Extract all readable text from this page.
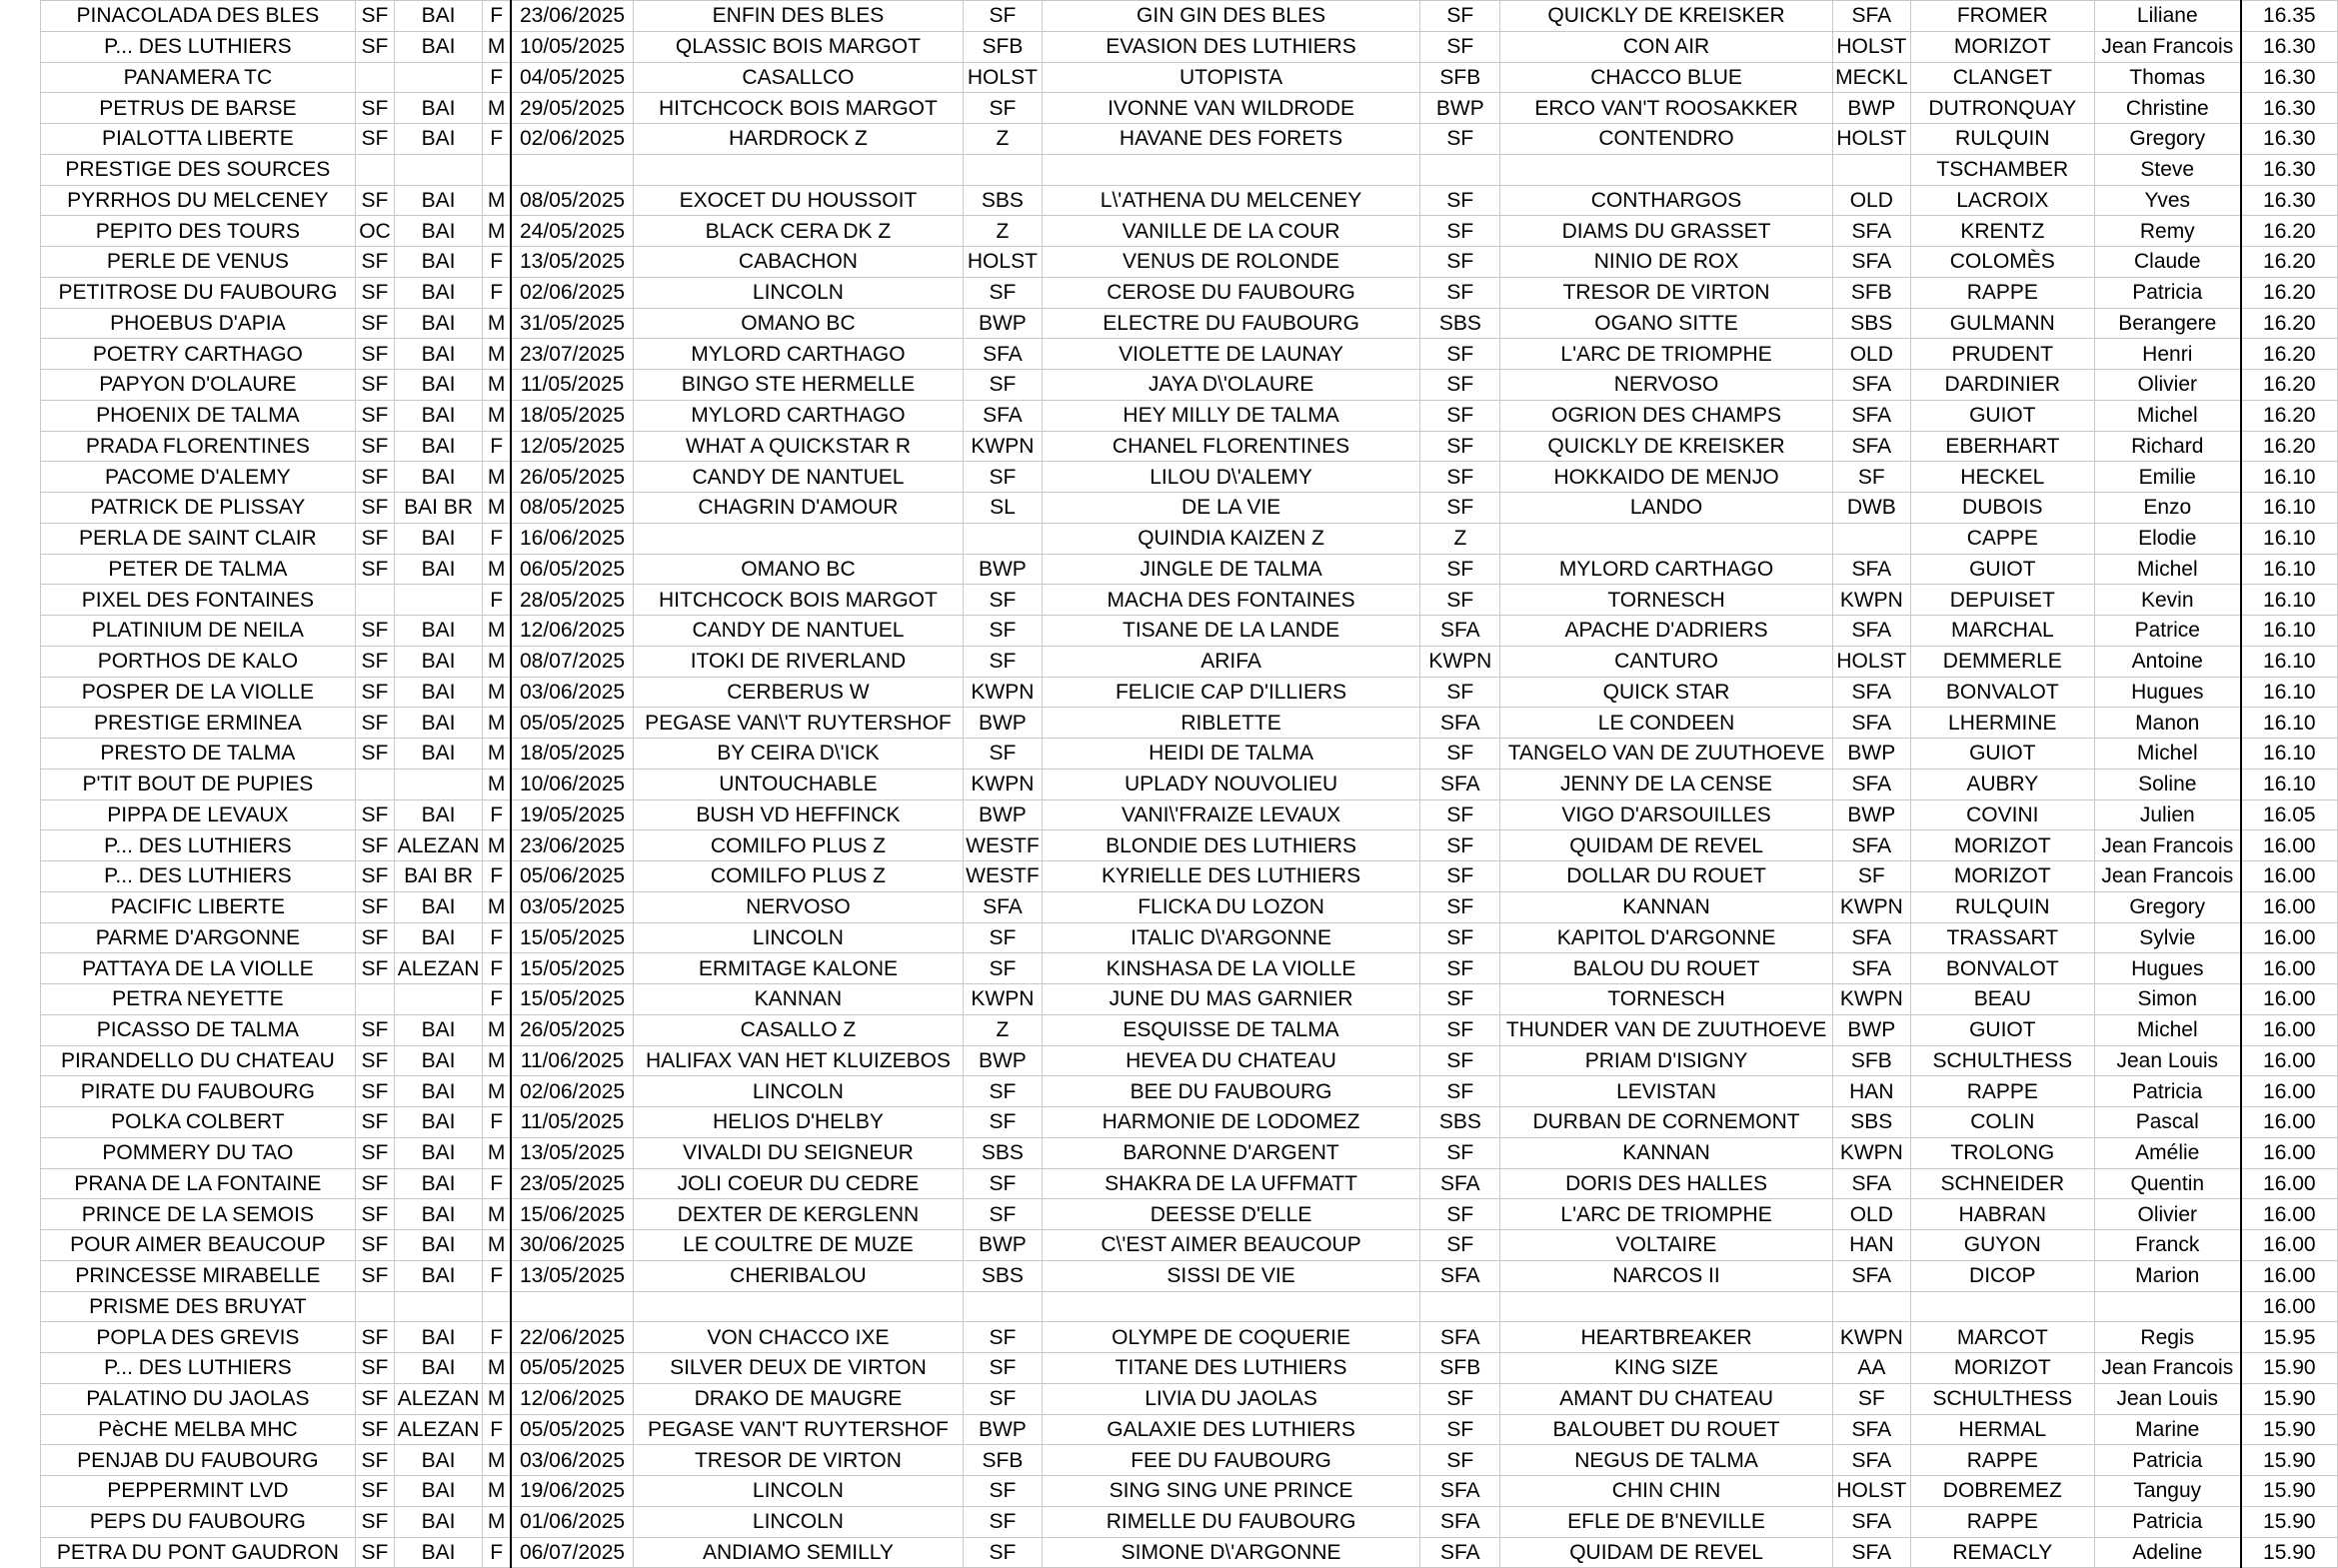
PINACOLADA DES BLES	SF	BAI	F	23/06/2025	ENFIN DES BLES	SF	GIN GIN DES BLES	SF	QUICKLY DE KREISKER	SFA	FROMER	Liliane	16.35
P... DES LUTHIERS	SF	BAI	M	10/05/2025	QLASSIC BOIS MARGOT	SFB	EVASION DES LUTHIERS	SF	CON AIR	HOLST	MORIZOT	Jean Francois	16.30
PANAMERA TC			F	04/05/2025	CASALLCO	HOLST	UTOPISTA	SFB	CHACCO BLUE	MECKL	CLANGET	Thomas	16.30
PETRUS DE BARSE	SF	BAI	M	29/05/2025	HITCHCOCK BOIS MARGOT	SF	IVONNE VAN WILDRODE	BWP	ERCO VAN'T ROOSAKKER	BWP	DUTRONQUAY	Christine	16.30
PIALOTTA LIBERTE	SF	BAI	F	02/06/2025	HARDROCK Z	Z	HAVANE DES FORETS	SF	CONTENDRO	HOLST	RULQUIN	Gregory	16.30
PRESTIGE DES SOURCES											TSCHAMBER	Steve	16.30
PYRRHOS DU MELCENEY	SF	BAI	M	08/05/2025	EXOCET DU HOUSSOIT	SBS	L\'ATHENA DU MELCENEY	SF	CONTHARGOS	OLD	LACROIX	Yves	16.30
PEPITO DES TOURS	OC	BAI	M	24/05/2025	BLACK CERA DK Z	Z	VANILLE DE LA COUR	SF	DIAMS DU GRASSET	SFA	KRENTZ	Remy	16.20
PERLE DE VENUS	SF	BAI	F	13/05/2025	CABACHON	HOLST	VENUS DE ROLONDE	SF	NINIO DE ROX	SFA	COLOMÈS	Claude	16.20
PETITROSE DU FAUBOURG	SF	BAI	F	02/06/2025	LINCOLN	SF	CEROSE DU FAUBOURG	SF	TRESOR DE VIRTON	SFB	RAPPE	Patricia	16.20
PHOEBUS D'APIA	SF	BAI	M	31/05/2025	OMANO BC	BWP	ELECTRE DU FAUBOURG	SBS	OGANO SITTE	SBS	GULMANN	Berangere	16.20
POETRY CARTHAGO	SF	BAI	M	23/07/2025	MYLORD CARTHAGO	SFA	VIOLETTE DE LAUNAY	SF	L'ARC DE TRIOMPHE	OLD	PRUDENT	Henri	16.20
PAPYON D'OLAURE	SF	BAI	M	11/05/2025	BINGO STE HERMELLE	SF	JAYA D\'OLAURE	SF	NERVOSO	SFA	DARDINIER	Olivier	16.20
PHOENIX DE TALMA	SF	BAI	M	18/05/2025	MYLORD CARTHAGO	SFA	HEY MILLY DE TALMA	SF	OGRION DES CHAMPS	SFA	GUIOT	Michel	16.20
PRADA FLORENTINES	SF	BAI	F	12/05/2025	WHAT A QUICKSTAR R	KWPN	CHANEL FLORENTINES	SF	QUICKLY DE KREISKER	SFA	EBERHART	Richard	16.20
PACOME D'ALEMY	SF	BAI	M	26/05/2025	CANDY DE NANTUEL	SF	LILOU D\'ALEMY	SF	HOKKAIDO DE MENJO	SF	HECKEL	Emilie	16.10
PATRICK DE PLISSAY	SF	BAI BR	M	08/05/2025	CHAGRIN D'AMOUR	SL	DE LA VIE	SF	LANDO	DWB	DUBOIS	Enzo	16.10
PERLA DE SAINT CLAIR	SF	BAI	F	16/06/2025			QUINDIA KAIZEN Z	Z			CAPPE	Elodie	16.10
PETER DE TALMA	SF	BAI	M	06/05/2025	OMANO BC	BWP	JINGLE DE TALMA	SF	MYLORD CARTHAGO	SFA	GUIOT	Michel	16.10
PIXEL DES FONTAINES			F	28/05/2025	HITCHCOCK BOIS MARGOT	SF	MACHA DES FONTAINES	SF	TORNESCH	KWPN	DEPUISET	Kevin	16.10
PLATINIUM DE NEILA	SF	BAI	M	12/06/2025	CANDY DE NANTUEL	SF	TISANE DE LA LANDE	SFA	APACHE D'ADRIERS	SFA	MARCHAL	Patrice	16.10
PORTHOS DE KALO	SF	BAI	M	08/07/2025	ITOKI DE RIVERLAND	SF	ARIFA	KWPN	CANTURO	HOLST	DEMMERLE	Antoine	16.10
POSPER DE LA VIOLLE	SF	BAI	M	03/06/2025	CERBERUS W	KWPN	FELICIE CAP D'ILLIERS	SF	QUICK STAR	SFA	BONVALOT	Hugues	16.10
PRESTIGE ERMINEA	SF	BAI	M	05/05/2025	PEGASE VAN\'T RUYTERSHOF	BWP	RIBLETTE	SFA	LE CONDEEN	SFA	LHERMINE	Manon	16.10
PRESTO DE TALMA	SF	BAI	M	18/05/2025	BY CEIRA D\'ICK	SF	HEIDI DE TALMA	SF	TANGELO VAN DE ZUUTHOEVE	BWP	GUIOT	Michel	16.10
P'TIT BOUT DE PUPIES			M	10/06/2025	UNTOUCHABLE	KWPN	UPLADY NOUVOLIEU	SFA	JENNY DE LA CENSE	SFA	AUBRY	Soline	16.10
PIPPA DE LEVAUX	SF	BAI	F	19/05/2025	BUSH VD HEFFINCK	BWP	VANI\'FRAIZE LEVAUX	SF	VIGO D'ARSOUILLES	BWP	COVINI	Julien	16.05
P... DES LUTHIERS	SF	ALEZAN	M	23/06/2025	COMILFO PLUS Z	WESTF	BLONDIE DES LUTHIERS	SF	QUIDAM DE REVEL	SFA	MORIZOT	Jean Francois	16.00
P... DES LUTHIERS	SF	BAI BR	F	05/06/2025	COMILFO PLUS Z	WESTF	KYRIELLE DES LUTHIERS	SF	DOLLAR DU ROUET	SF	MORIZOT	Jean Francois	16.00
PACIFIC LIBERTE	SF	BAI	M	03/05/2025	NERVOSO	SFA	FLICKA DU LOZON	SF	KANNAN	KWPN	RULQUIN	Gregory	16.00
PARME D'ARGONNE	SF	BAI	F	15/05/2025	LINCOLN	SF	ITALIC D\'ARGONNE	SF	KAPITOL D'ARGONNE	SFA	TRASSART	Sylvie	16.00
PATTAYA DE LA VIOLLE	SF	ALEZAN	F	15/05/2025	ERMITAGE KALONE	SF	KINSHASA DE LA VIOLLE	SF	BALOU DU ROUET	SFA	BONVALOT	Hugues	16.00
PETRA NEYETTE			F	15/05/2025	KANNAN	KWPN	JUNE DU MAS GARNIER	SF	TORNESCH	KWPN	BEAU	Simon	16.00
PICASSO DE TALMA	SF	BAI	M	26/05/2025	CASALLO Z	Z	ESQUISSE DE TALMA	SF	THUNDER VAN DE ZUUTHOEVE	BWP	GUIOT	Michel	16.00
PIRANDELLO DU CHATEAU	SF	BAI	M	11/06/2025	HALIFAX VAN HET KLUIZEBOS	BWP	HEVEA DU CHATEAU	SF	PRIAM D'ISIGNY	SFB	SCHULTHESS	Jean Louis	16.00
PIRATE DU FAUBOURG	SF	BAI	M	02/06/2025	LINCOLN	SF	BEE DU FAUBOURG	SF	LEVISTAN	HAN	RAPPE	Patricia	16.00
POLKA COLBERT	SF	BAI	F	11/05/2025	HELIOS D'HELBY	SF	HARMONIE DE LODOMEZ	SBS	DURBAN DE CORNEMONT	SBS	COLIN	Pascal	16.00
POMMERY DU TAO	SF	BAI	M	13/05/2025	VIVALDI DU SEIGNEUR	SBS	BARONNE D'ARGENT	SF	KANNAN	KWPN	TROLONG	Amélie	16.00
PRANA DE LA FONTAINE	SF	BAI	F	23/05/2025	JOLI COEUR DU CEDRE	SF	SHAKRA DE LA UFFMATT	SFA	DORIS DES HALLES	SFA	SCHNEIDER	Quentin	16.00
PRINCE DE LA SEMOIS	SF	BAI	M	15/06/2025	DEXTER DE KERGLENN	SF	DEESSE D'ELLE	SF	L'ARC DE TRIOMPHE	OLD	HABRAN	Olivier	16.00
POUR AIMER BEAUCOUP	SF	BAI	M	30/06/2025	LE COULTRE DE MUZE	BWP	C\'EST AIMER BEAUCOUP	SF	VOLTAIRE	HAN	GUYON	Franck	16.00
PRINCESSE MIRABELLE	SF	BAI	F	13/05/2025	CHERIBALOU	SBS	SISSI DE VIE	SFA	NARCOS II	SFA	DICOP	Marion	16.00
PRISME DES BRUYAT													16.00
POPLA DES GREVIS	SF	BAI	F	22/06/2025	VON CHACCO IXE	SF	OLYMPE DE COQUERIE	SFA	HEARTBREAKER	KWPN	MARCOT	Regis	15.95
P... DES LUTHIERS	SF	BAI	M	05/05/2025	SILVER DEUX DE VIRTON	SF	TITANE DES LUTHIERS	SFB	KING SIZE	AA	MORIZOT	Jean Francois	15.90
PALATINO DU JAOLAS	SF	ALEZAN	M	12/06/2025	DRAKO DE MAUGRE	SF	LIVIA DU JAOLAS	SF	AMANT DU CHATEAU	SF	SCHULTHESS	Jean Louis	15.90
PèCHE MELBA MHC	SF	ALEZAN	F	05/05/2025	PEGASE VAN'T RUYTERSHOF	BWP	GALAXIE DES LUTHIERS	SF	BALOUBET DU ROUET	SFA	HERMAL	Marine	15.90
PENJAB DU FAUBOURG	SF	BAI	M	03/06/2025	TRESOR DE VIRTON	SFB	FEE DU FAUBOURG	SF	NEGUS DE TALMA	SFA	RAPPE	Patricia	15.90
PEPPERMINT LVD	SF	BAI	M	19/06/2025	LINCOLN	SF	SING SING UNE PRINCE	SFA	CHIN CHIN	HOLST	DOBREMEZ	Tanguy	15.90
PEPS DU FAUBOURG	SF	BAI	M	01/06/2025	LINCOLN	SF	RIMELLE DU FAUBOURG	SFA	EFLE DE B'NEVILLE	SFA	RAPPE	Patricia	15.90
PETRA DU PONT GAUDRON	SF	BAI	F	06/07/2025	ANDIAMO SEMILLY	SF	SIMONE D\'ARGONNE	SFA	QUIDAM DE REVEL	SFA	REMACLY	Adeline	15.90
